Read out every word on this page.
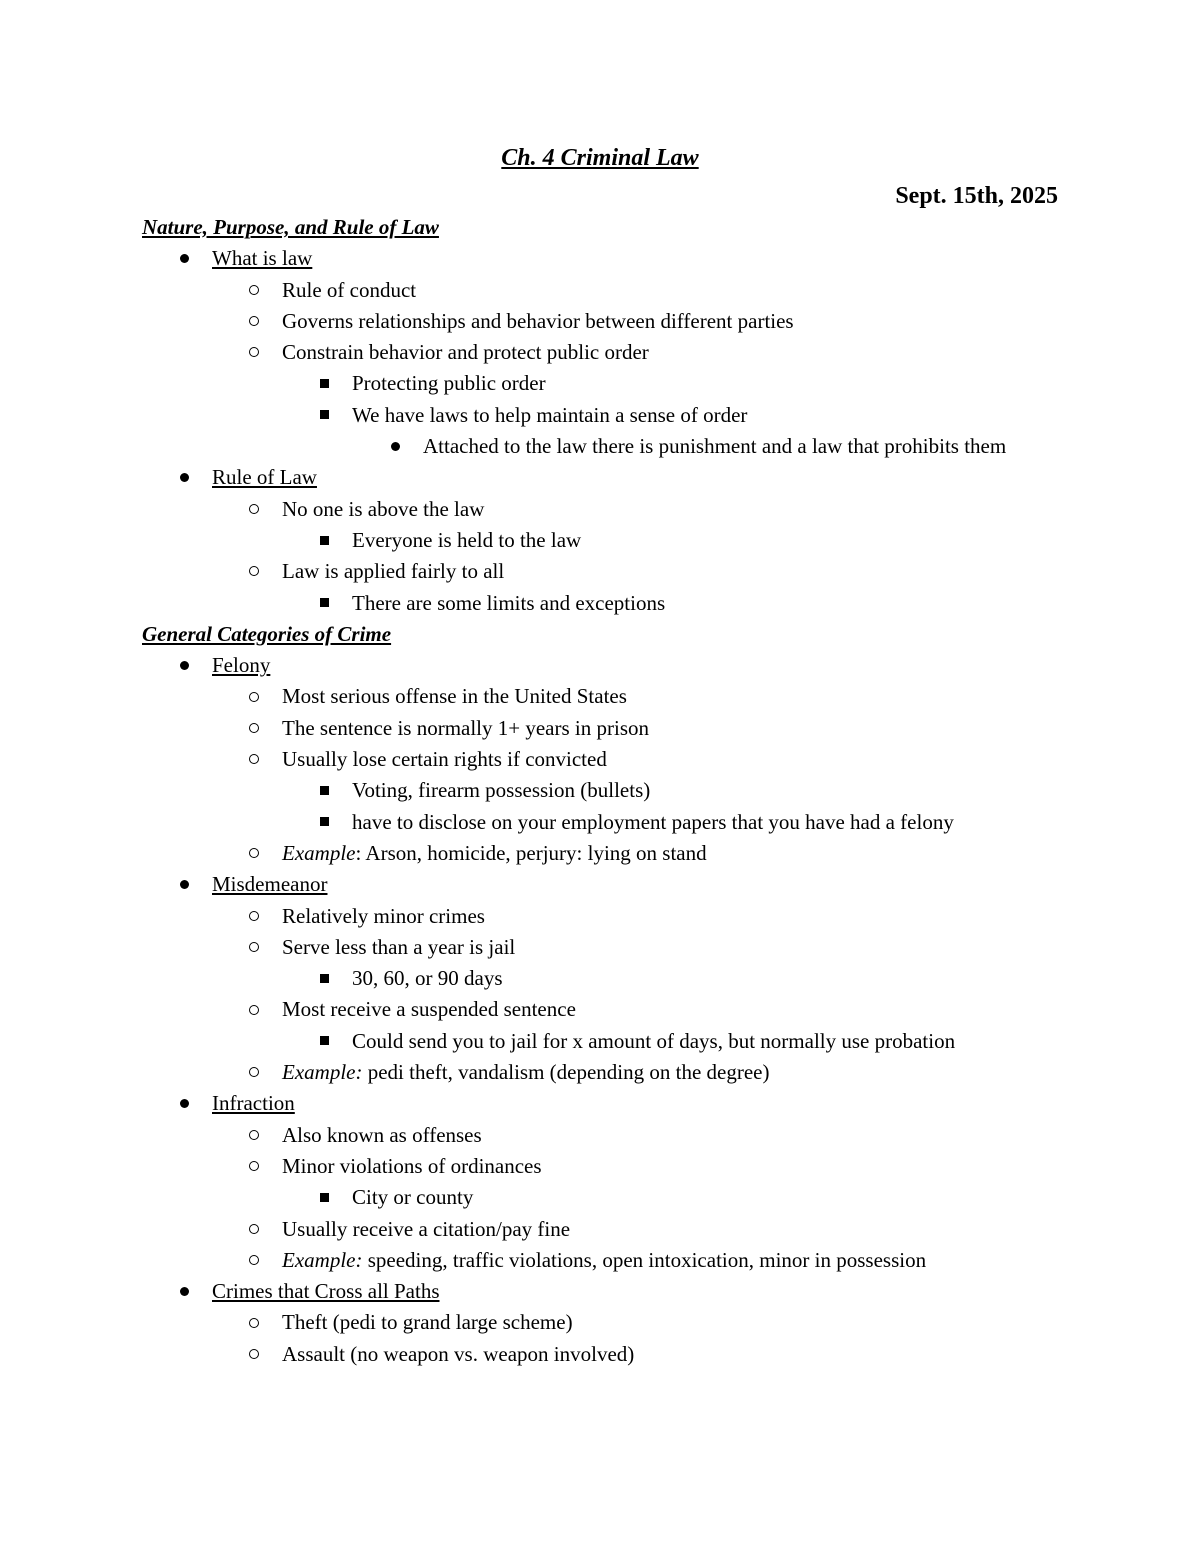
Ch. 4 Criminal Law
Sept. 15th, 2025
Nature, Purpose, and Rule of Law
What is law
Rule of conduct
Governs relationships and behavior between different parties
Constrain behavior and protect public order
Protecting public order
We have laws to help maintain a sense of order
Attached to the law there is punishment and a law that prohibits them
Rule of Law
No one is above the law
Everyone is held to the law
Law is applied fairly to all
There are some limits and exceptions
General Categories of Crime
Felony
Most serious offense in the United States
The sentence is normally 1+ years in prison
Usually lose certain rights if convicted
Voting, firearm possession (bullets)
have to disclose on your employment papers that you have had a felony
Example: Arson, homicide, perjury: lying on stand
Misdemeanor
Relatively minor crimes
Serve less than a year is jail
30, 60, or 90 days
Most receive a suspended sentence
Could send you to jail for x amount of days, but normally use probation
Example: pedi theft, vandalism (depending on the degree)
Infraction
Also known as offenses
Minor violations of ordinances
City or county
Usually receive a citation/pay fine
Example: speeding, traffic violations, open intoxication, minor in possession
Crimes that Cross all Paths
Theft (pedi to grand large scheme)
Assault (no weapon vs. weapon involved)
